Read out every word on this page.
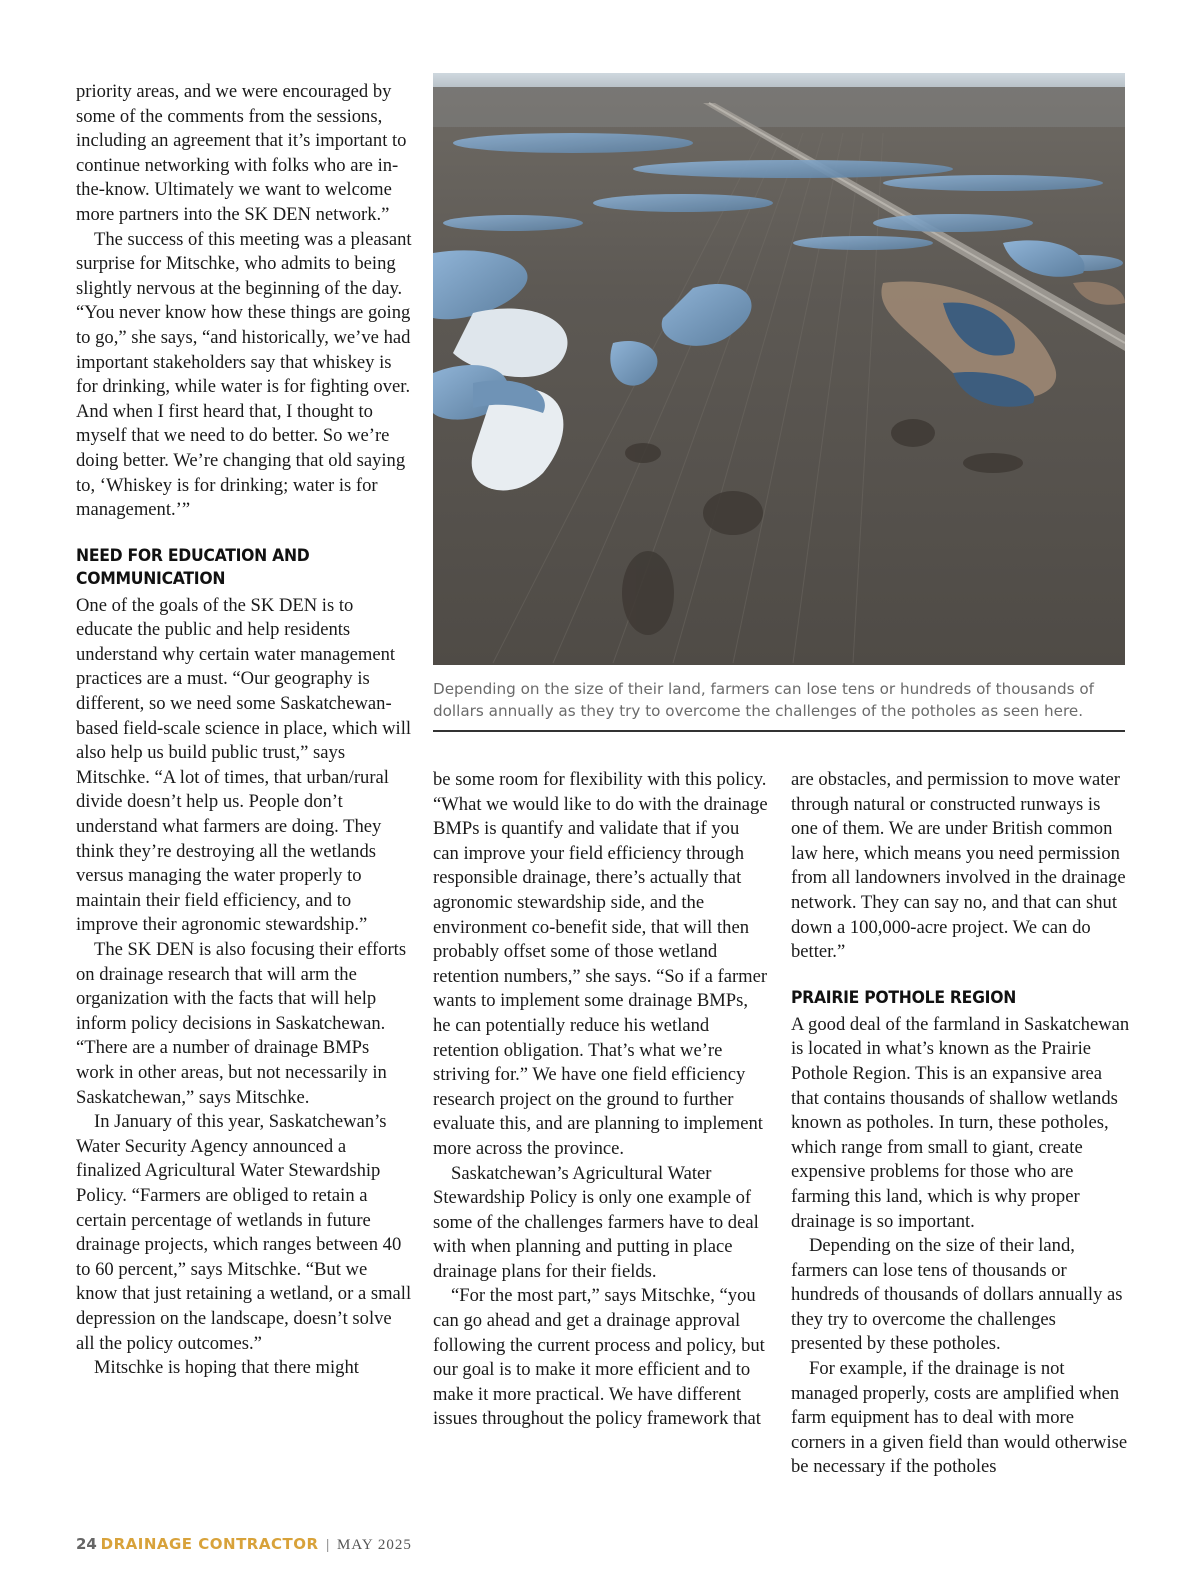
priority areas, and we were encouraged by some of the comments from the sessions, including an agreement that it’s important to continue networking with folks who are in-the-know. Ultimately we want to welcome more partners into the SK DEN network.”

The success of this meeting was a pleasant surprise for Mitschke, who admits to being slightly nervous at the beginning of the day. “You never know how these things are going to go,” she says, “and historically, we’ve had important stakeholders say that whiskey is for drinking, while water is for fighting over. And when I first heard that, I thought to myself that we need to do better. So we’re doing better. We’re changing that old saying to, ‘Whiskey is for drinking; water is for management.’”

NEED FOR EDUCATION AND COMMUNICATION

One of the goals of the SK DEN is to educate the public and help residents understand why certain water management practices are a must. “Our geography is different, so we need some Saskatchewan-based field-scale science in place, which will also help us build public trust,” says Mitschke. “A lot of times, that urban/rural divide doesn’t help us. People don’t understand what farmers are doing. They think they’re destroying all the wetlands versus managing the water properly to maintain their field efficiency, and to improve their agronomic stewardship.”

The SK DEN is also focusing their efforts on drainage research that will arm the organization with the facts that will help inform policy decisions in Saskatchewan. “There are a number of drainage BMPs work in other areas, but not necessarily in Saskatchewan,” says Mitschke.

In January of this year, Saskatchewan’s Water Security Agency announced a finalized Agricultural Water Stewardship Policy. “Farmers are obliged to retain a certain percentage of wetlands in future drainage projects, which ranges between 40 to 60 percent,” says Mitschke. “But we know that just retaining a wetland, or a small depression on the landscape, doesn’t solve all the policy outcomes.”

Mitschke is hoping that there might

Depending on the size of their land, farmers can lose tens or hundreds of thousands of dollars annually as they try to overcome the challenges of the potholes as seen here.

be some room for flexibility with this policy. “What we would like to do with the drainage BMPs is quantify and validate that if you can improve your field efficiency through responsible drainage, there’s actually that agronomic stewardship side, and the environment co-benefit side, that will then probably offset some of those wetland retention numbers,” she says. “So if a farmer wants to implement some drainage BMPs, he can potentially reduce his wetland retention obligation. That’s what we’re striving for.” We have one field efficiency research project on the ground to further evaluate this, and are planning to implement more across the province.

Saskatchewan’s Agricultural Water Stewardship Policy is only one example of some of the challenges farmers have to deal with when planning and putting in place drainage plans for their fields.

“For the most part,” says Mitschke, “you can go ahead and get a drainage approval following the current process and policy, but our goal is to make it more efficient and to make it more practical. We have different issues throughout the policy framework that

are obstacles, and permission to move water through natural or constructed runways is one of them. We are under British common law here, which means you need permission from all landowners involved in the drainage network. They can say no, and that can shut down a 100,000-acre project. We can do better.”

PRAIRIE POTHOLE REGION

A good deal of the farmland in Saskatchewan is located in what’s known as the Prairie Pothole Region. This is an expansive area that contains thousands of shallow wetlands known as potholes. In turn, these potholes, which range from small to giant, create expensive problems for those who are farming this land, which is why proper drainage is so important.

Depending on the size of their land, farmers can lose tens of thousands or hundreds of thousands of dollars annually as they try to overcome the challenges presented by these potholes.

For example, if the drainage is not managed properly, costs are amplified when farm equipment has to deal with more corners in a given field than would otherwise be necessary if the potholes

24 DRAINAGE CONTRACTOR | MAY 2025
